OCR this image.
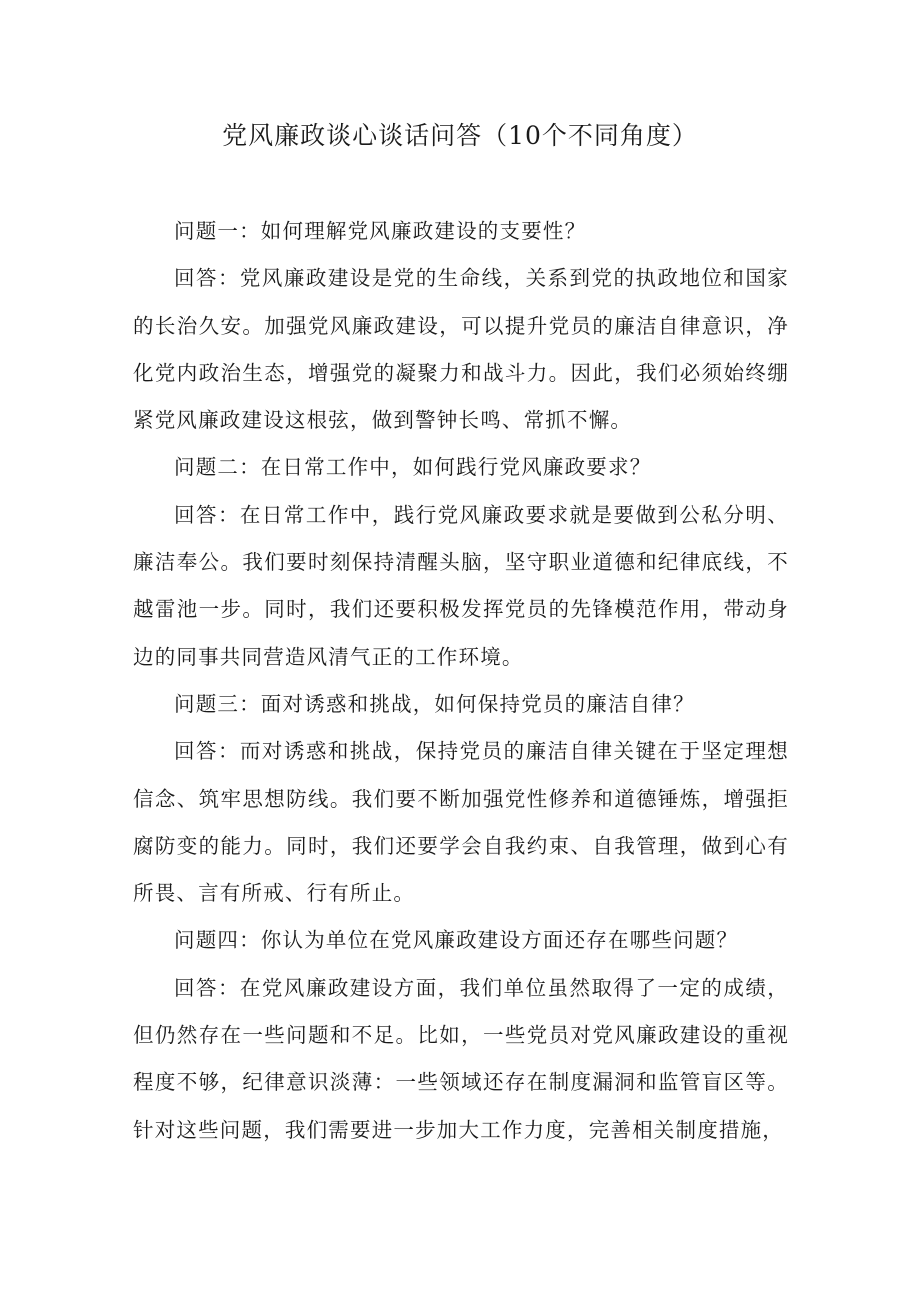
党风廉政谈心谈话问答（10个不同角度）

问题一：如何理解党风廉政建设的支要性？

回答：党风廉政建设是党的生命线，关系到党的执政地位和国家的长治久安。加强党风廉政建设，可以提升党员的廉洁自律意识，净化党内政治生态，增强党的凝聚力和战斗力。因此，我们必须始终绷紧党风廉政建设这根弦，做到警钟长鸣、常抓不懈。

问题二：在日常工作中，如何践行党风廉政要求？

回答：在日常工作中，践行党风廉政要求就是要做到公私分明、廉洁奉公。我们要时刻保持清醒头脑，坚守职业道德和纪律底线，不越雷池一步。同时，我们还要积极发挥党员的先锋模范作用，带动身边的同事共同营造风清气正的工作环境。

问题三：面对诱惑和挑战，如何保持党员的廉洁自律？

回答：而对诱惑和挑战，保持党员的廉洁自律关键在于坚定理想信念、筑牢思想防线。我们要不断加强党性修养和道德锤炼，增强拒腐防变的能力。同时，我们还要学会自我约束、自我管理，做到心有所畏、言有所戒、行有所止。

问题四：你认为单位在党风廉政建设方面还存在哪些问题？

回答：在党风廉政建设方面，我们单位虽然取得了一定的成绩，但仍然存在一些问题和不足。比如，一些党员对党风廉政建设的重视程度不够，纪律意识淡薄：一些领域还存在制度漏洞和监管盲区等。针对这些问题，我们需要进一步加大工作力度，完善相关制度措施，
